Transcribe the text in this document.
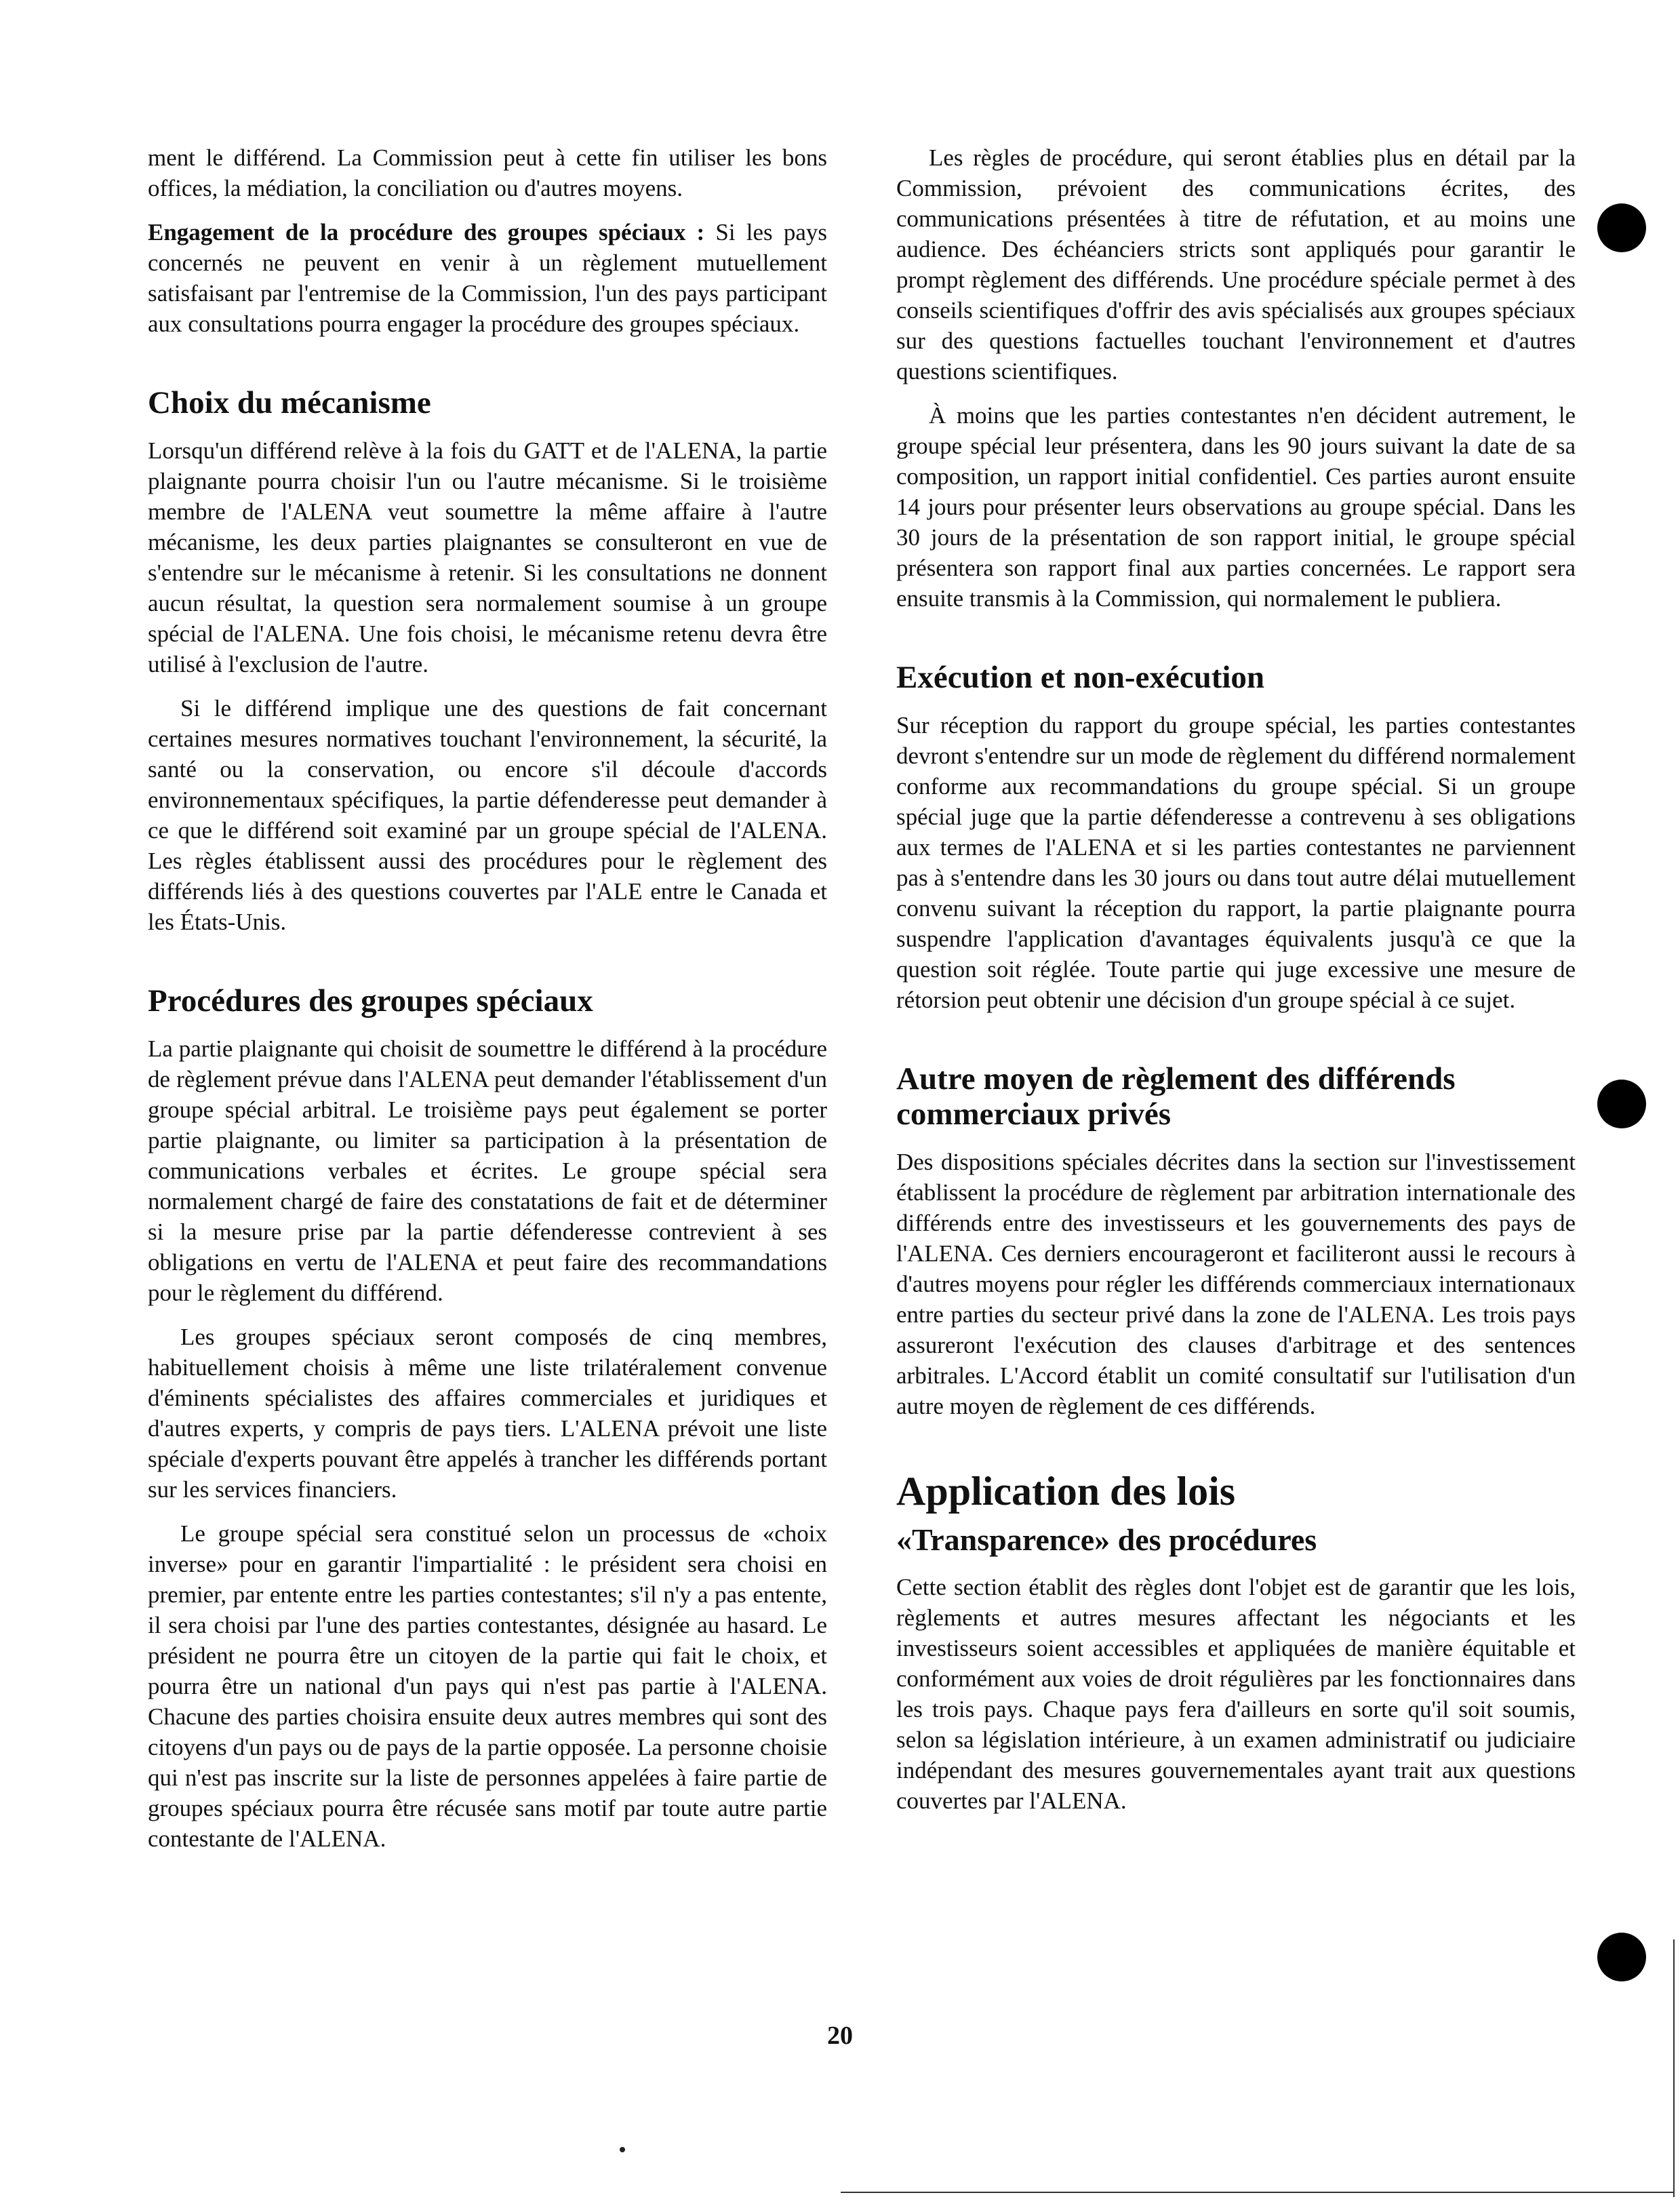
ment le différend. La Commission peut à cette fin utiliser les bons offices, la médiation, la conciliation ou d'autres moyens.

Engagement de la procédure des groupes spéciaux : Si les pays concernés ne peuvent en venir à un règlement mutuellement satisfaisant par l'entremise de la Commission, l'un des pays participant aux consultations pourra engager la procédure des groupes spéciaux.

Choix du mécanisme

Lorsqu'un différend relève à la fois du GATT et de l'ALENA, la partie plaignante pourra choisir l'un ou l'autre mécanisme. Si le troisième membre de l'ALENA veut soumettre la même affaire à l'autre mécanisme, les deux parties plaignantes se consulteront en vue de s'entendre sur le mécanisme à retenir. Si les consultations ne donnent aucun résultat, la question sera normalement soumise à un groupe spécial de l'ALENA. Une fois choisi, le mécanisme retenu devra être utilisé à l'exclusion de l'autre.

Si le différend implique une des questions de fait concernant certaines mesures normatives touchant l'environnement, la sécurité, la santé ou la conservation, ou encore s'il découle d'accords environnementaux spécifiques, la partie défenderesse peut demander à ce que le différend soit examiné par un groupe spécial de l'ALENA. Les règles établissent aussi des procédures pour le règlement des différends liés à des questions couvertes par l'ALE entre le Canada et les États-Unis.

Procédures des groupes spéciaux

La partie plaignante qui choisit de soumettre le différend à la procédure de règlement prévue dans l'ALENA peut demander l'établissement d'un groupe spécial arbitral. Le troisième pays peut également se porter partie plaignante, ou limiter sa participation à la présentation de communications verbales et écrites. Le groupe spécial sera normalement chargé de faire des constatations de fait et de déterminer si la mesure prise par la partie défenderesse contrevient à ses obligations en vertu de l'ALENA et peut faire des recommandations pour le règlement du différend.

Les groupes spéciaux seront composés de cinq membres, habituellement choisis à même une liste trilatéralement convenue d'éminents spécialistes des affaires commerciales et juridiques et d'autres experts, y compris de pays tiers. L'ALENA prévoit une liste spéciale d'experts pouvant être appelés à trancher les différends portant sur les services financiers.

Le groupe spécial sera constitué selon un processus de «choix inverse» pour en garantir l'impartialité : le président sera choisi en premier, par entente entre les parties contestantes; s'il n'y a pas entente, il sera choisi par l'une des parties contestantes, désignée au hasard. Le président ne pourra être un citoyen de la partie qui fait le choix, et pourra être un national d'un pays qui n'est pas partie à l'ALENA. Chacune des parties choisira ensuite deux autres membres qui sont des citoyens d'un pays ou de pays de la partie opposée. La personne choisie qui n'est pas inscrite sur la liste de personnes appelées à faire partie de groupes spéciaux pourra être récusée sans motif par toute autre partie contestante de l'ALENA.

Les règles de procédure, qui seront établies plus en détail par la Commission, prévoient des communications écrites, des communications présentées à titre de réfutation, et au moins une audience. Des échéanciers stricts sont appliqués pour garantir le prompt règlement des différends. Une procédure spéciale permet à des conseils scientifiques d'offrir des avis spécialisés aux groupes spéciaux sur des questions factuelles touchant l'environnement et d'autres questions scientifiques.

À moins que les parties contestantes n'en décident autrement, le groupe spécial leur présentera, dans les 90 jours suivant la date de sa composition, un rapport initial confidentiel. Ces parties auront ensuite 14 jours pour présenter leurs observations au groupe spécial. Dans les 30 jours de la présentation de son rapport initial, le groupe spécial présentera son rapport final aux parties concernées. Le rapport sera ensuite transmis à la Commission, qui normalement le publiera.

Exécution et non-exécution

Sur réception du rapport du groupe spécial, les parties contestantes devront s'entendre sur un mode de règlement du différend normalement conforme aux recommandations du groupe spécial. Si un groupe spécial juge que la partie défenderesse a contrevenu à ses obligations aux termes de l'ALENA et si les parties contestantes ne parviennent pas à s'entendre dans les 30 jours ou dans tout autre délai mutuellement convenu suivant la réception du rapport, la partie plaignante pourra suspendre l'application d'avantages équivalents jusqu'à ce que la question soit réglée. Toute partie qui juge excessive une mesure de rétorsion peut obtenir une décision d'un groupe spécial à ce sujet.

Autre moyen de règlement des différends commerciaux privés

Des dispositions spéciales décrites dans la section sur l'investissement établissent la procédure de règlement par arbitration internationale des différends entre des investisseurs et les gouvernements des pays de l'ALENA. Ces derniers encourageront et faciliteront aussi le recours à d'autres moyens pour régler les différends commerciaux internationaux entre parties du secteur privé dans la zone de l'ALENA. Les trois pays assureront l'exécution des clauses d'arbitrage et des sentences arbitrales. L'Accord établit un comité consultatif sur l'utilisation d'un autre moyen de règlement de ces différends.

Application des lois
«Transparence» des procédures

Cette section établit des règles dont l'objet est de garantir que les lois, règlements et autres mesures affectant les négociants et les investisseurs soient accessibles et appliquées de manière équitable et conformément aux voies de droit régulières par les fonctionnaires dans les trois pays. Chaque pays fera d'ailleurs en sorte qu'il soit soumis, selon sa législation intérieure, à un examen administratif ou judiciaire indépendant des mesures gouvernementales ayant trait aux questions couvertes par l'ALENA.

20
